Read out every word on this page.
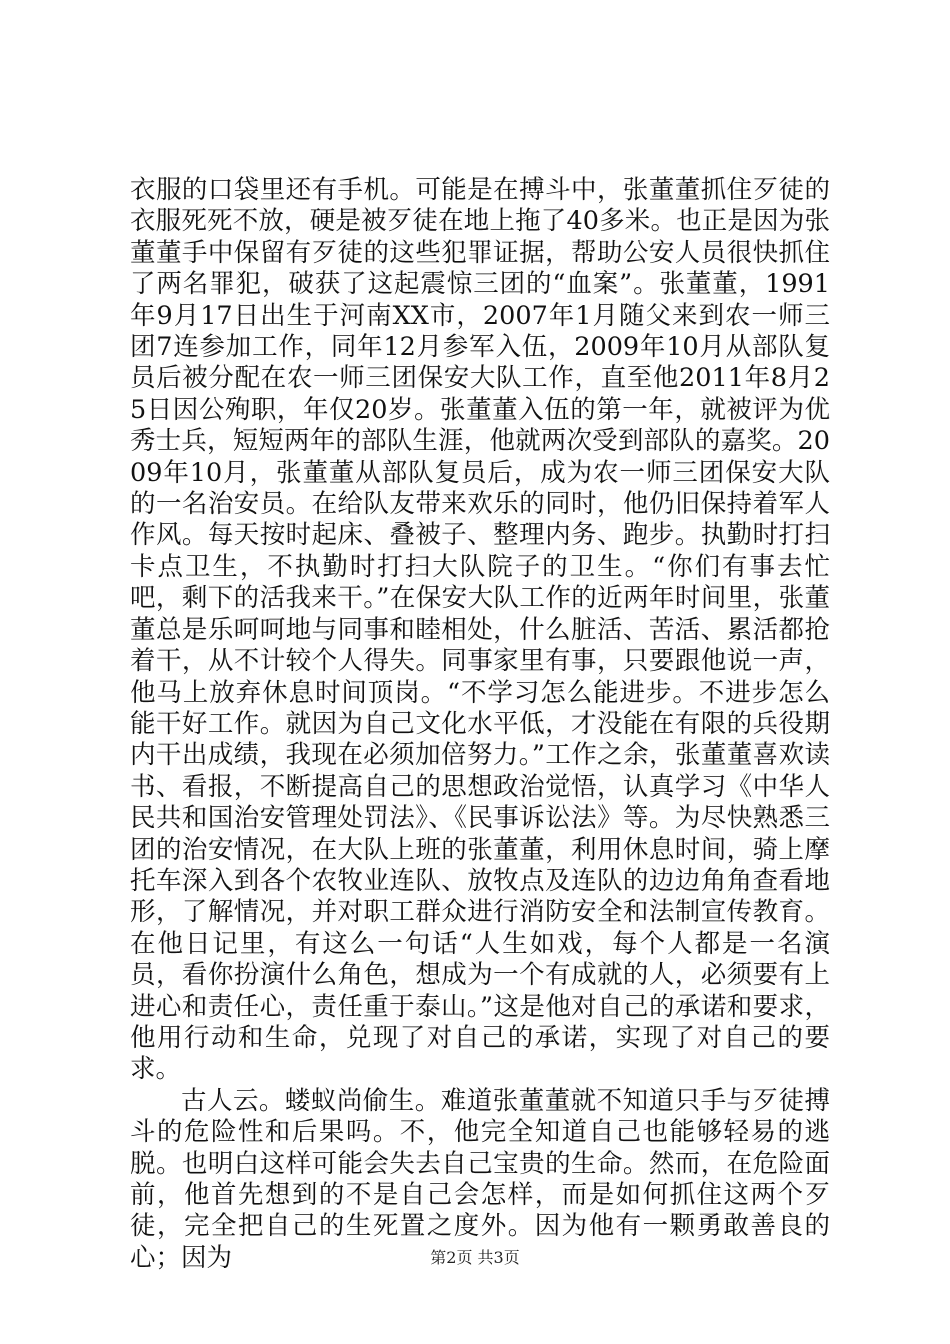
衣服的口袋里还有手机。可能是在搏斗中，张董董抓住歹徒的衣服死死不放，硬是被歹徒在地上拖了40多米。也正是因为张董董手中保留有歹徒的这些犯罪证据，帮助公安人员很快抓住了两名罪犯，破获了这起震惊三团的“血案”。张董董，1991年9月17日出生于河南XX市，2007年1月随父来到农一师三团7连参加工作，同年12月参军入伍，2009年10月从部队复员后被分配在农一师三团保安大队工作，直至他2011年8月25日因公殉职，年仅20岁。张董董入伍的第一年，就被评为优秀士兵，短短两年的部队生涯，他就两次受到部队的嘉奖。2009年10月，张董董从部队复员后，成为农一师三团保安大队的一名治安员。在给队友带来欢乐的同时，他仍旧保持着军人作风。每天按时起床、叠被子、整理内务、跑步。执勤时打扫卡点卫生，不执勤时打扫大队院子的卫生。“你们有事去忙吧，剩下的活我来干。”在保安大队工作的近两年时间里，张董董总是乐呵呵地与同事和睦相处，什么脏活、苦活、累活都抢着干，从不计较个人得失。同事家里有事，只要跟他说一声，他马上放弃休息时间顶岗。“不学习怎么能进步。不进步怎么能干好工作。就因为自己文化水平低，才没能在有限的兵役期内干出成绩，我现在必须加倍努力。”工作之余，张董董喜欢读书、看报，不断提高自己的思想政治觉悟，认真学习《中华人民共和国治安管理处罚法》、《民事诉讼法》等。为尽快熟悉三团的治安情况，在大队上班的张董董，利用休息时间，骑上摩托车深入到各个农牧业连队、放牧点及连队的边边角角查看地形，了解情况，并对职工群众进行消防安全和法制宣传教育。在他日记里，有这么一句话“人生如戏，每个人都是一名演员，看你扮演什么角色，想成为一个有成就的人，必须要有上进心和责任心，责任重于泰山。”这是他对自己的承诺和要求，他用行动和生命，兑现了对自己的承诺，实现了对自己的要求。

古人云。蝼蚁尚偷生。难道张董董就不知道只手与歹徒搏斗的危险性和后果吗。不，他完全知道自己也能够轻易的逃脱。也明白这样可能会失去自己宝贵的生命。然而，在危险面前，他首先想到的不是自己会怎样，而是如何抓住这两个歹徒，完全把自己的生死置之度外。因为他有一颗勇敢善良的心；因为	第2页 共3页
